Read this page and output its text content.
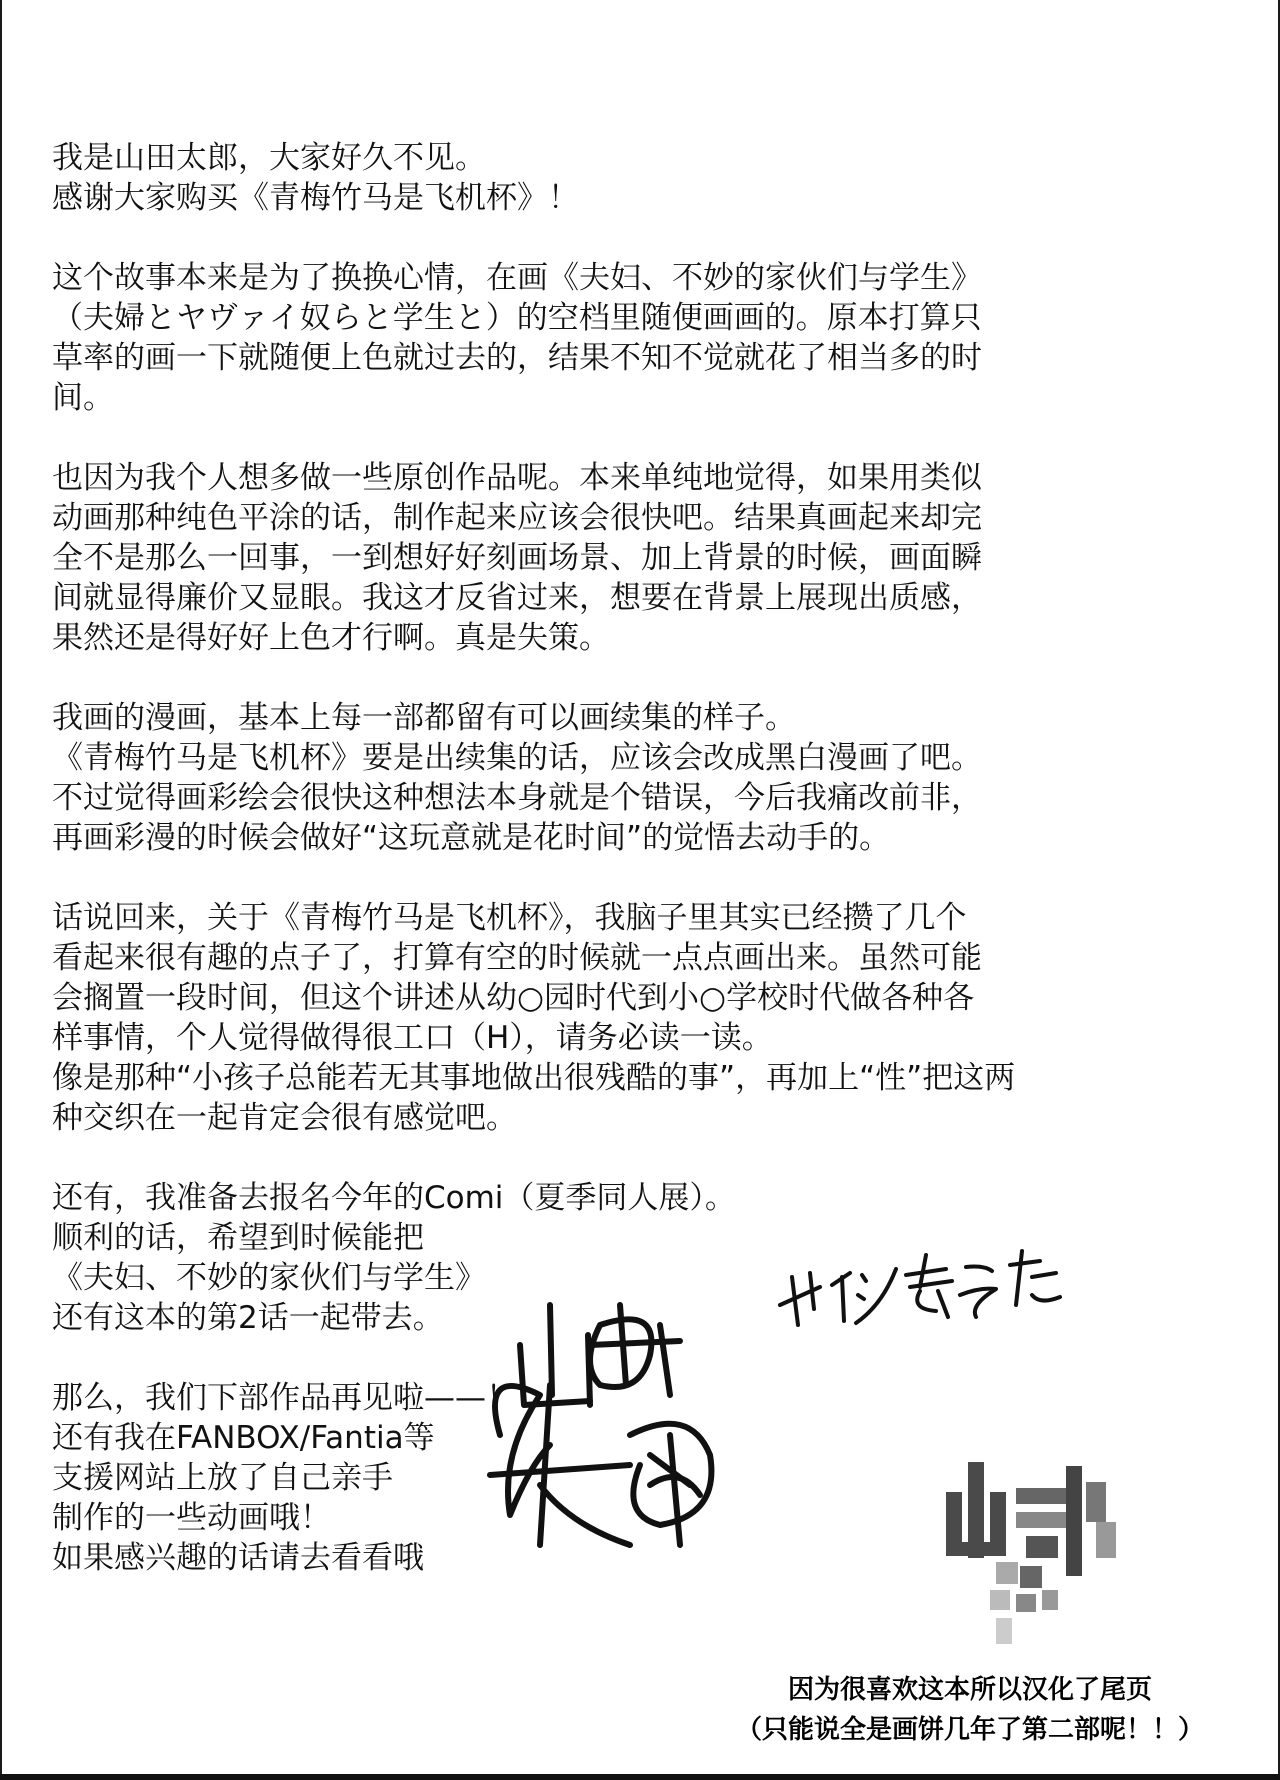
我是山田太郎，大家好久不见。
感谢大家购买《青梅竹马是飞机杯》！

这个故事本来是为了换换心情，在画《夫妇、不妙的家伙们与学生》
（夫婦とヤヴァイ奴らと学生と）的空档里随便画画的。原本打算只
草率的画一下就随便上色就过去的，结果不知不觉就花了相当多的时
间。

也因为我个人想多做一些原创作品呢。本来单纯地觉得，如果用类似
动画那种纯色平涂的话，制作起来应该会很快吧。结果真画起来却完
全不是那么一回事，一到想好好刻画场景、加上背景的时候，画面瞬
间就显得廉价又显眼。我这才反省过来，想要在背景上展现出质感，
果然还是得好好上色才行啊。真是失策。

我画的漫画，基本上每一部都留有可以画续集的样子。
《青梅竹马是飞机杯》要是出续集的话，应该会改成黑白漫画了吧。
不过觉得画彩绘会很快这种想法本身就是个错误，今后我痛改前非，
再画彩漫的时候会做好“这玩意就是花时间”的觉悟去动手的。

话说回来，关于《青梅竹马是飞机杯》，我脑子里其实已经攒了几个
看起来很有趣的点子了，打算有空的时候就一点点画出来。虽然可能
会搁置一段时间，但这个讲述从幼○园时代到小○学校时代做各种各
样事情，个人觉得做得很工口（H），请务必读一读。
像是那种“小孩子总能若无其事地做出很残酷的事”，再加上“性”把这两
种交织在一起肯定会很有感觉吧。

还有，我准备去报名今年的Comi（夏季同人展）。
顺利的话，希望到时候能把
《夫妇、不妙的家伙们与学生》
还有这本的第2话一起带去。

那么，我们下部作品再见啦——！
还有我在FANBOX/Fantia等
支援网站上放了自己亲手
制作的一些动画哦！
如果感兴趣的话请去看看哦

因为很喜欢这本所以汉化了尾页
（只能说全是画饼几年了第二部呢！！）
